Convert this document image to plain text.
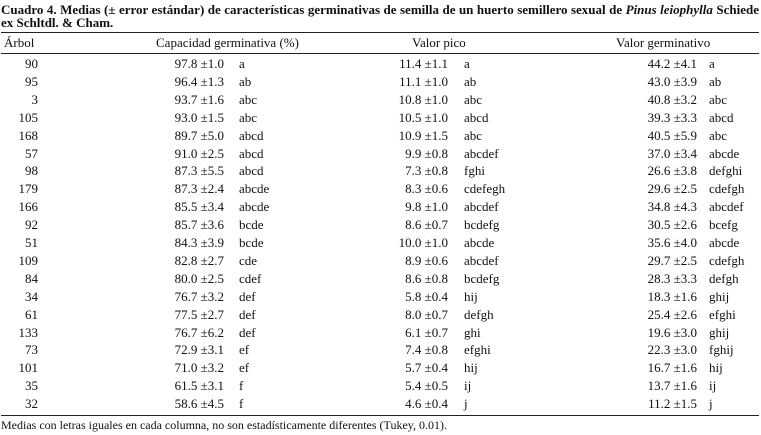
Cuadro 4. Medias (± error estándar) de características germinativas de semilla de un huerto semillero sexual de Pinus leiophylla Schiede ex Schltdl. & Cham.
Árbol	Capacidad germinativa (%)	Valor pico	Valor germinativo
90	97.8 ±1.0 a	11.4 ±1.1 a	44.2 ±4.1 a
95	96.4 ±1.3 ab	11.1 ±1.0 ab	43.0 ±3.9 ab
3	93.7 ±1.6 abc	10.8 ±1.0 abc	40.8 ±3.2 abc
105	93.0 ±1.5 abc	10.5 ±1.0 abcd	39.3 ±3.3 abcd
168	89.7 ±5.0 abcd	10.9 ±1.5 abc	40.5 ±5.9 abc
57	91.0 ±2.5 abcd	9.9 ±0.8 abcdef	37.0 ±3.4 abcde
98	87.3 ±5.5 abcd	7.3 ±0.8 fghi	26.6 ±3.8 defghi
179	87.3 ±2.4 abcde	8.3 ±0.6 cdefegh	29.6 ±2.5 cdefgh
166	85.5 ±3.4 abcde	9.8 ±1.0 abcdef	34.8 ±4.3 abcdef
92	85.7 ±3.6 bcde	8.6 ±0.7 bcdefg	30.5 ±2.6 bcefg
51	84.3 ±3.9 bcde	10.0 ±1.0 abcde	35.6 ±4.0 abcde
109	82.8 ±2.7 cde	8.9 ±0.6 abcdef	29.7 ±2.5 cdefgh
84	80.0 ±2.5 cdef	8.6 ±0.8 bcdefg	28.3 ±3.3 defgh
34	76.7 ±3.2 def	5.8 ±0.4 hij	18.3 ±1.6 ghij
61	77.5 ±2.7 def	8.0 ±0.7 defgh	25.4 ±2.6 efghi
133	76.7 ±6.2 def	6.1 ±0.7 ghi	19.6 ±3.0 ghij
73	72.9 ±3.1 ef	7.4 ±0.8 efghi	22.3 ±3.0 fghij
101	71.0 ±3.2 ef	5.7 ±0.4 hij	16.7 ±1.6 hij
35	61.5 ±3.1 f	5.4 ±0.5 ij	13.7 ±1.6 ij
32	58.6 ±4.5 f	4.6 ±0.4 j	11.2 ±1.5 j
Medias con letras iguales en cada columna, no son estadísticamente diferentes (Tukey, 0.01).
